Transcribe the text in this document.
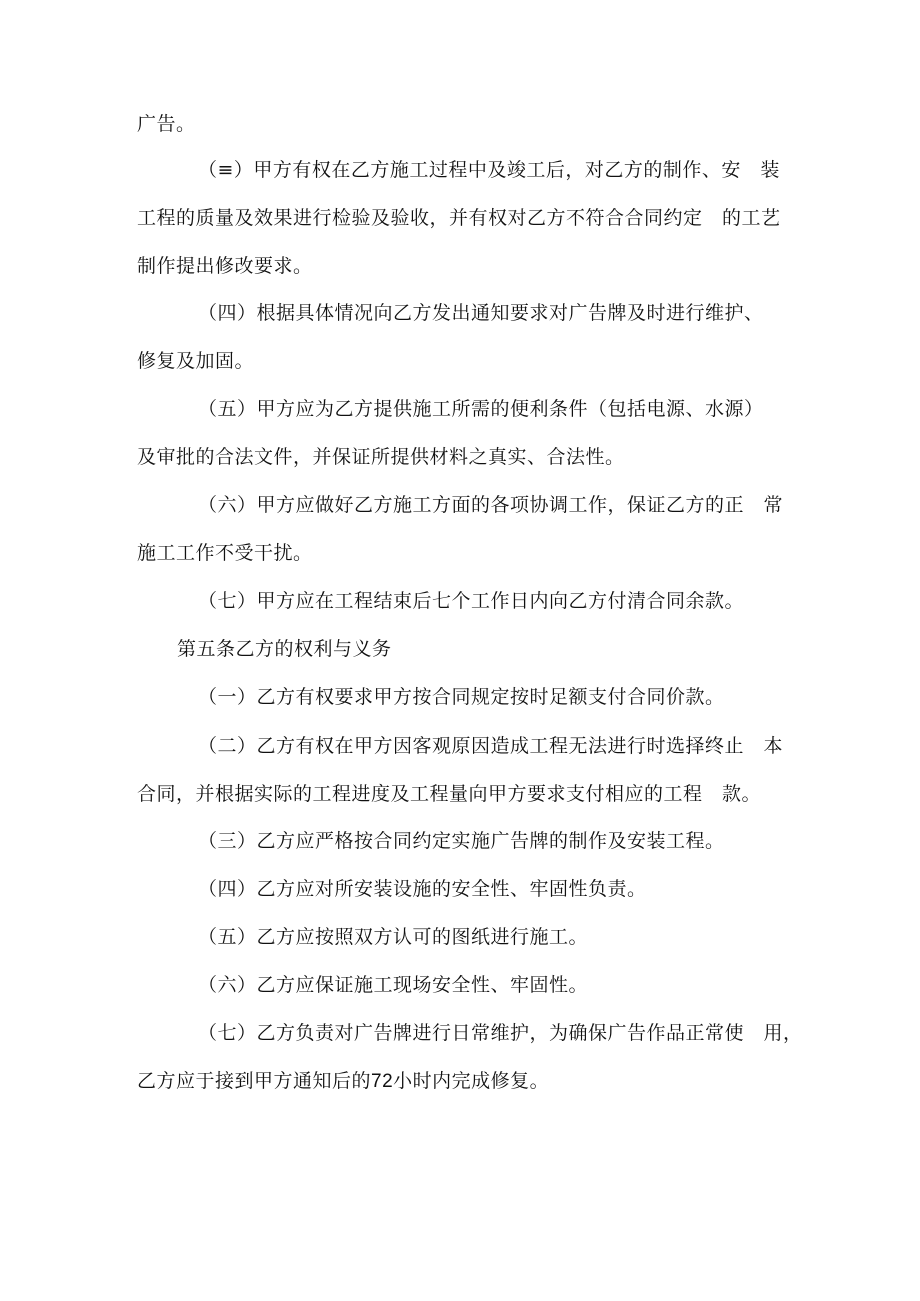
广告。
（≡）甲方有权在乙方施工过程中及竣工后，对乙方的制作、安　装
工程的质量及效果进行检验及验收，并有权对乙方不符合合同约定　的工艺
制作提出修改要求。
（四）根据具体情况向乙方发出通知要求对广告牌及时进行维护、
修复及加固。
（五）甲方应为乙方提供施工所需的便利条件（包括电源、水源）
及审批的合法文件，并保证所提供材料之真实、合法性。
（六）甲方应做好乙方施工方面的各项协调工作，保证乙方的正　常
施工工作不受干扰。
（七）甲方应在工程结束后七个工作日内向乙方付清合同余款。
第五条乙方的权利与义务
（一）乙方有权要求甲方按合同规定按时足额支付合同价款。
（二）乙方有权在甲方因客观原因造成工程无法进行时选择终止　本
合同，并根据实际的工程进度及工程量向甲方要求支付相应的工程　款。
（三）乙方应严格按合同约定实施广告牌的制作及安装工程。
（四）乙方应对所安装设施的安全性、牢固性负责。
（五）乙方应按照双方认可的图纸进行施工。
（六）乙方应保证施工现场安全性、牢固性。
（七）乙方负责对广告牌进行日常维护，为确保广告作品正常使　用，
乙方应于接到甲方通知后的72小时内完成修复。
